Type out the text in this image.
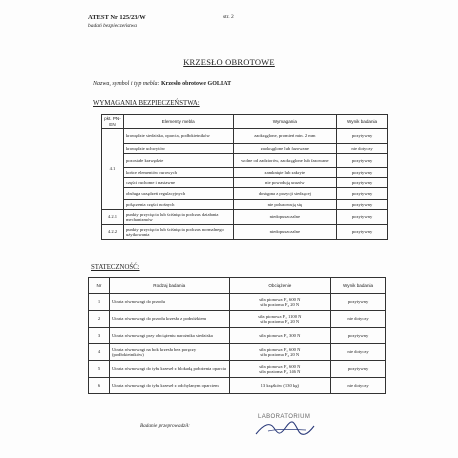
str. 2
ATEST Nr 125/23/W
badań bezpieczeństwa
KRZESŁO OBROTOWE
Nazwa, symbol i typ mebla: Krzesło obrotowe GOLIAT
WYMAGANIA BEZPIECZEŃSTWA:
pkt. PN-EN	Elementy mebla	Wymagania	Wynik badania
4.1	krawędzie siedziska, oparcia, podłokietników	zaokrąglone, promień min. 2 mm	pozytywny
	krawędzie uchwytów	zaokrąglone lub fazowane	nie dotyczy
	pozostałe krawędzie	wolne od zadziorów, zaokrąglone lub fazowane	pozytywny
	końce elementów rurowych	zamknięte lub zakryte	pozytywny
	części ruchome i nastawne	nie powodują urazów	pozytywny
	obsługa urządzeń regulacyjnych	dostępna z pozycji siedzącej	pozytywny
	połączenia części nośnych	nie poluzowują się	pozytywny
4.2.1	punkty przycięcia lub ściśnięcia podczas działania mechanizmów	niedopuszczalne	pozytywny
4.2.2	punkty przycięcia lub ściśnięcia podczas normalnego użytkowania	niedopuszczalne	pozytywny
STATECZNOŚĆ:
Nr	Rodzaj badania	Obciążenie	Wynik badania
1	Utrata równowagi do przodu	siła pionowa F₁ 600 N
siła pozioma F₂ 20 N	pozytywny
2	Utrata równowagi do przodu krzesła z podnóżkiem	siła pionowa F₁ 1100 N
siła pozioma F₂ 20 N	nie dotyczy
3	Utrata równowagi przy obciążeniu narożnika siedziska	siła pionowa F₁ 300 N	pozytywny
4	Utrata równowagi na bok krzesła bez poręczy (podłokietników)	siła pionowa F₁ 600 N
siła pozioma F₂ 20 N	nie dotyczy
5	Utrata równowagi do tyłu krzeseł z blokadą położenia oparcia	siła pionowa F₁ 600 N
siła pozioma F₂ 146 N	pozytywny
6	Utrata równowagi do tyłu krzeseł z odchylanym oparciem	13 krążków (130 kg)	nie dotyczy
LABORATORIUM
Badanie przeprowadził:
